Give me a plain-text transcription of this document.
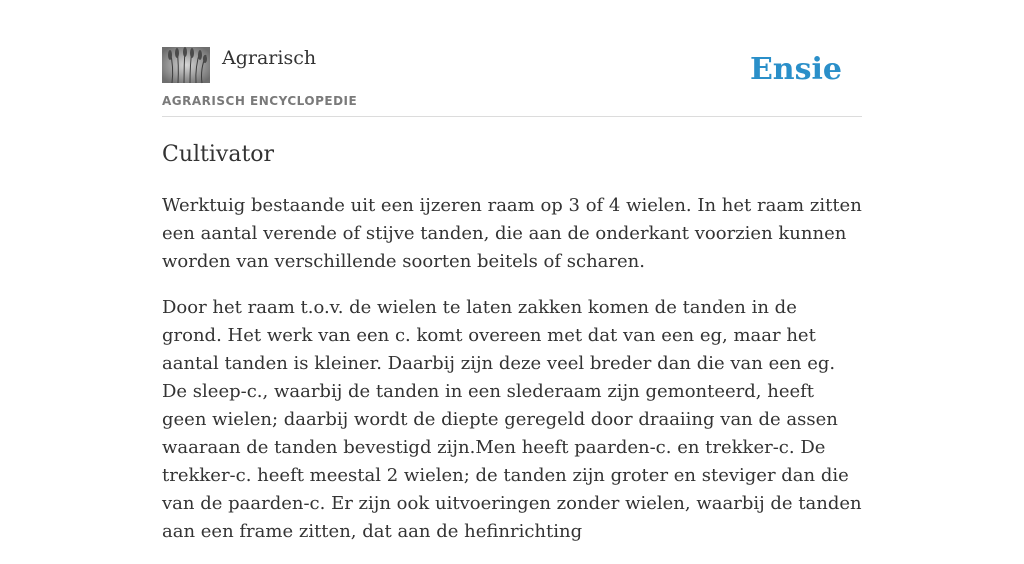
Agrarisch
AGRARISCH ENCYCLOPEDIE
Ensie
Cultivator

Werktuig bestaande uit een ijzeren raam op 3 of 4 wielen. In het raam zitten een aantal verende of stijve tanden, die aan de onderkant voorzien kunnen worden van verschillende soorten beitels of scharen.

Door het raam t.o.v. de wielen te laten zakken komen de tanden in de grond. Het werk van een c. komt overeen met dat van een eg, maar het aantal tanden is kleiner. Daarbij zijn deze veel breder dan die van een eg. De sleep-c., waarbij de tanden in een slederaam zijn gemonteerd, heeft geen wielen; daarbij wordt de diepte geregeld door draaiing van de assen waaraan de tanden bevestigd zijn.Men heeft paarden-c. en trekker-c. De trekker-c. heeft meestal 2 wielen; de tanden zijn groter en steviger dan die van de paarden-c. Er zijn ook uitvoeringen zonder wielen, waarbij de tanden aan een frame zitten, dat aan de hefinrichting
